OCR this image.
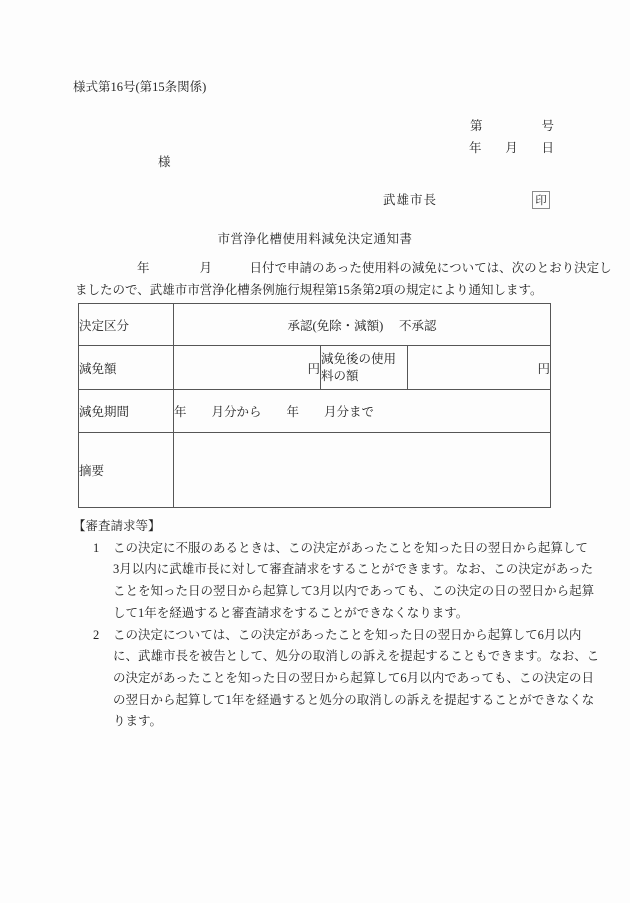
様式第16号(第15条関係)
第	号
年 月 日
様
武雄市長	印
市営浄化槽使用料減免決定通知書
年　　　　月　　　日付で申請のあった使用料の減免については、次のとおり決定し
ましたので、武雄市市営浄化槽条例施行規程第15条第2項の規定により通知します。
決定区分	承認(免除・減額)　 不承認		
減免額	円	減免後の使用料の額	円
減免期間	年　　月分から　　年　　月分まで		
摘要			
【審査請求等】
1 この決定に不服のあるときは、この決定があったことを知った日の翌日から起算して
3月以内に武雄市長に対して審査請求をすることができます。なお、この決定があった
ことを知った日の翌日から起算して3月以内であっても、この決定の日の翌日から起算
して1年を経過すると審査請求をすることができなくなります。
2 この決定については、この決定があったことを知った日の翌日から起算して6月以内
に、武雄市長を被告として、処分の取消しの訴えを提起することもできます。なお、こ
の決定があったことを知った日の翌日から起算して6月以内であっても、この決定の日
の翌日から起算して1年を経過すると処分の取消しの訴えを提起することができなくな
ります。
